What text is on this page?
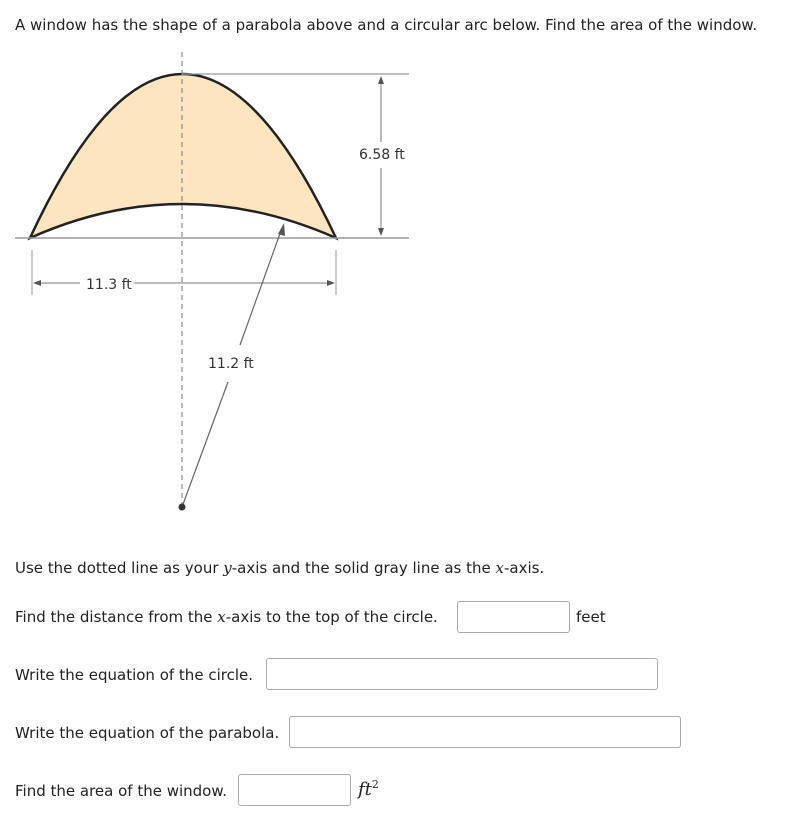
A window has the shape of a parabola above and a circular arc below. Find the area of the window.
6.58 ft
11.3 ft
11.2 ft
Use the dotted line as your y-axis and the solid gray line as the x-axis.
Find the distance from the x-axis to the top of the circle.	feet
Write the equation of the circle.
Write the equation of the parabola.
Find the area of the window.	$ft^2$
